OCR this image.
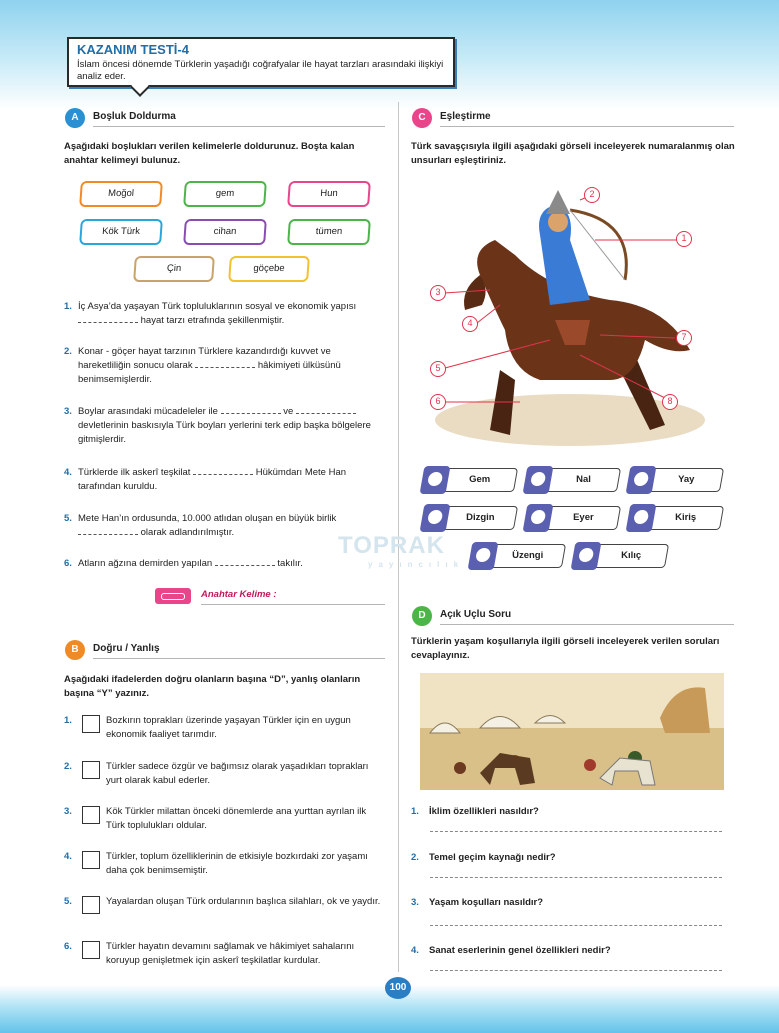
KAZANIM TESTİ-4

İslam öncesi dönemde Türklerin yaşadığı coğrafyalar ile hayat tarzları arasındaki ilişkiyi analiz eder.

A	Boşluk Doldurma
Aşağıdaki boşlukları verilen kelimelerle doldurunuz. Boşta kalan anahtar kelimeyi bulunuz.
Moğol	gem	Hun
Kök Türk	cihan	tümen
Çin	göçebe
1. İç Asya’da yaşayan Türk topluluklarının sosyal ve ekonomik yapısı  hayat tarzı etrafında şekillenmiştir.
2. Konar - göçer hayat tarzının Türklere kazandırdığı kuvvet ve hareketliliğin sonucu olarak	hâkimiyeti ülküsünü benimsemişlerdir.
3. Boylar arasındaki mücadeleler ile	ve  devletlerinin baskısıyla Türk boyları yerlerini terk edip başka bölgelere gitmişlerdir.
4. Türklerde ilk askerî teşkilat	Hükümdarı Mete Han tarafından kuruldu.
5. Mete Han’ın ordusunda, 10.000 atlıdan oluşan en büyük birlik  olarak adlandırılmıştır.
6. Atların ağzına demirden yapılan	takılır.
Anahtar Kelime :
TOPRAK
yayıncılık
B	Doğru / Yanlış
Aşağıdaki ifadelerden doğru olanların başına “D”, yanlış olanların başına “Y” yazınız.
1.	Bozkırın toprakları üzerinde yaşayan Türkler için en uygun ekonomik faaliyet tarımdır.
2.	Türkler sadece özgür ve bağımsız olarak yaşadıkları toprakları yurt olarak kabul ederler.
3.	Kök Türkler milattan önceki dönemlerde ana yurttan ayrılan ilk Türk toplulukları oldular.
4.	Türkler, toplum özelliklerinin de etkisiyle bozkırdaki zor yaşamı daha çok benimsemiştir.
5.	Yayalardan oluşan Türk ordularının başlıca silahları, ok ve yaydır.
6.	Türkler hayatın devamını sağlamak ve hâkimiyet sahalarını koruyup genişletmek için askerî teşkilatlar kurdular.
C	Eşleştirme
Türk savaşçısıyla ilgili aşağıdaki görseli inceleyerek numaralanmış olan unsurları eşleştiriniz.
1
2
3
4
5
6
7
8
Gem	Nal	Yay
Dizgin	Eyer	Kiriş
Üzengi	Kılıç
D	Açık Uçlu Soru
Türklerin yaşam koşullarıyla ilgili görseli inceleyerek verilen soruları cevaplayınız.
1. İklim özellikleri nasıldır?
2. Temel geçim kaynağı nedir?
3. Yaşam koşulları nasıldır?
4. Sanat eserlerinin genel özellikleri nedir?
100
